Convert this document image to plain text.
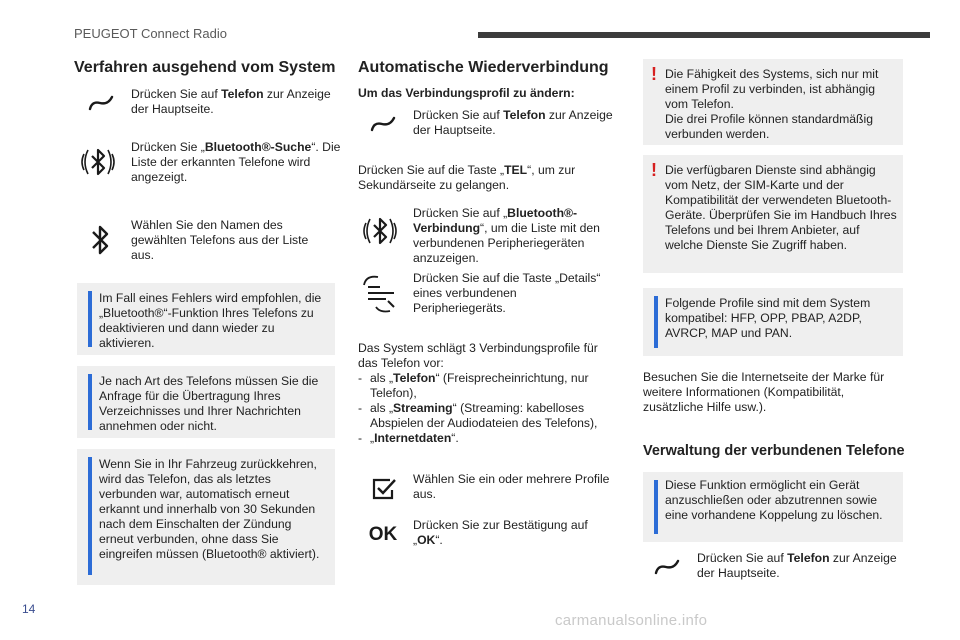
PEUGEOT Connect Radio
Verfahren ausgehend vom System
Drücken Sie auf Telefon zur Anzeige der Hauptseite.
Drücken Sie „Bluetooth®-Suche“. Die Liste der erkannten Telefone wird angezeigt.
Wählen Sie den Namen des gewählten Telefons aus der Liste aus.
Im Fall eines Fehlers wird empfohlen, die „Bluetooth®“-Funktion Ihres Telefons zu deaktivieren und dann wieder zu aktivieren.
Je nach Art des Telefons müssen Sie die Anfrage für die Übertragung Ihres Verzeichnisses und Ihrer Nachrichten annehmen oder nicht.
Wenn Sie in Ihr Fahrzeug zurückkehren, wird das Telefon, das als letztes verbunden war, automatisch erneut erkannt und innerhalb von 30 Sekunden nach dem Einschalten der Zündung erneut verbunden, ohne dass Sie eingreifen müssen (Bluetooth® aktiviert).
Automatische Wiederverbindung
Um das Verbindungsprofil zu ändern:
Drücken Sie auf Telefon zur Anzeige der Hauptseite.
Drücken Sie auf die Taste „TEL“, um zur Sekundärseite zu gelangen.
Drücken Sie auf „Bluetooth®-Verbindung“, um die Liste mit den verbundenen Peripheriegeräten anzuzeigen.
Drücken Sie auf die Taste „Details“ eines verbundenen Peripheriegeräts.
Das System schlägt 3 Verbindungsprofile für das Telefon vor:
- als „Telefon“ (Freisprecheinrichtung, nur Telefon),
- als „Streaming“ (Streaming: kabelloses Abspielen der Audiodateien des Telefons),
- „Internetdaten“.
Wählen Sie ein oder mehrere Profile aus.
OK Drücken Sie zur Bestätigung auf „OK“.
! Die Fähigkeit des Systems, sich nur mit einem Profil zu verbinden, ist abhängig vom Telefon.
Die drei Profile können standardmäßig verbunden werden.
! Die verfügbaren Dienste sind abhängig vom Netz, der SIM-Karte und der Kompatibilität der verwendeten Bluetooth-Geräte. Überprüfen Sie im Handbuch Ihres Telefons und bei Ihrem Anbieter, auf welche Dienste Sie Zugriff haben.
Folgende Profile sind mit dem System kompatibel: HFP, OPP, PBAP, A2DP, AVRCP, MAP und PAN.
Besuchen Sie die Internetseite der Marke für weitere Informationen (Kompatibilität, zusätzliche Hilfe usw.).
Verwaltung der verbundenen Telefone
Diese Funktion ermöglicht ein Gerät anzuschließen oder abzutrennen sowie eine vorhandene Koppelung zu löschen.
Drücken Sie auf Telefon zur Anzeige der Hauptseite.
14
carmanualsonline.info
